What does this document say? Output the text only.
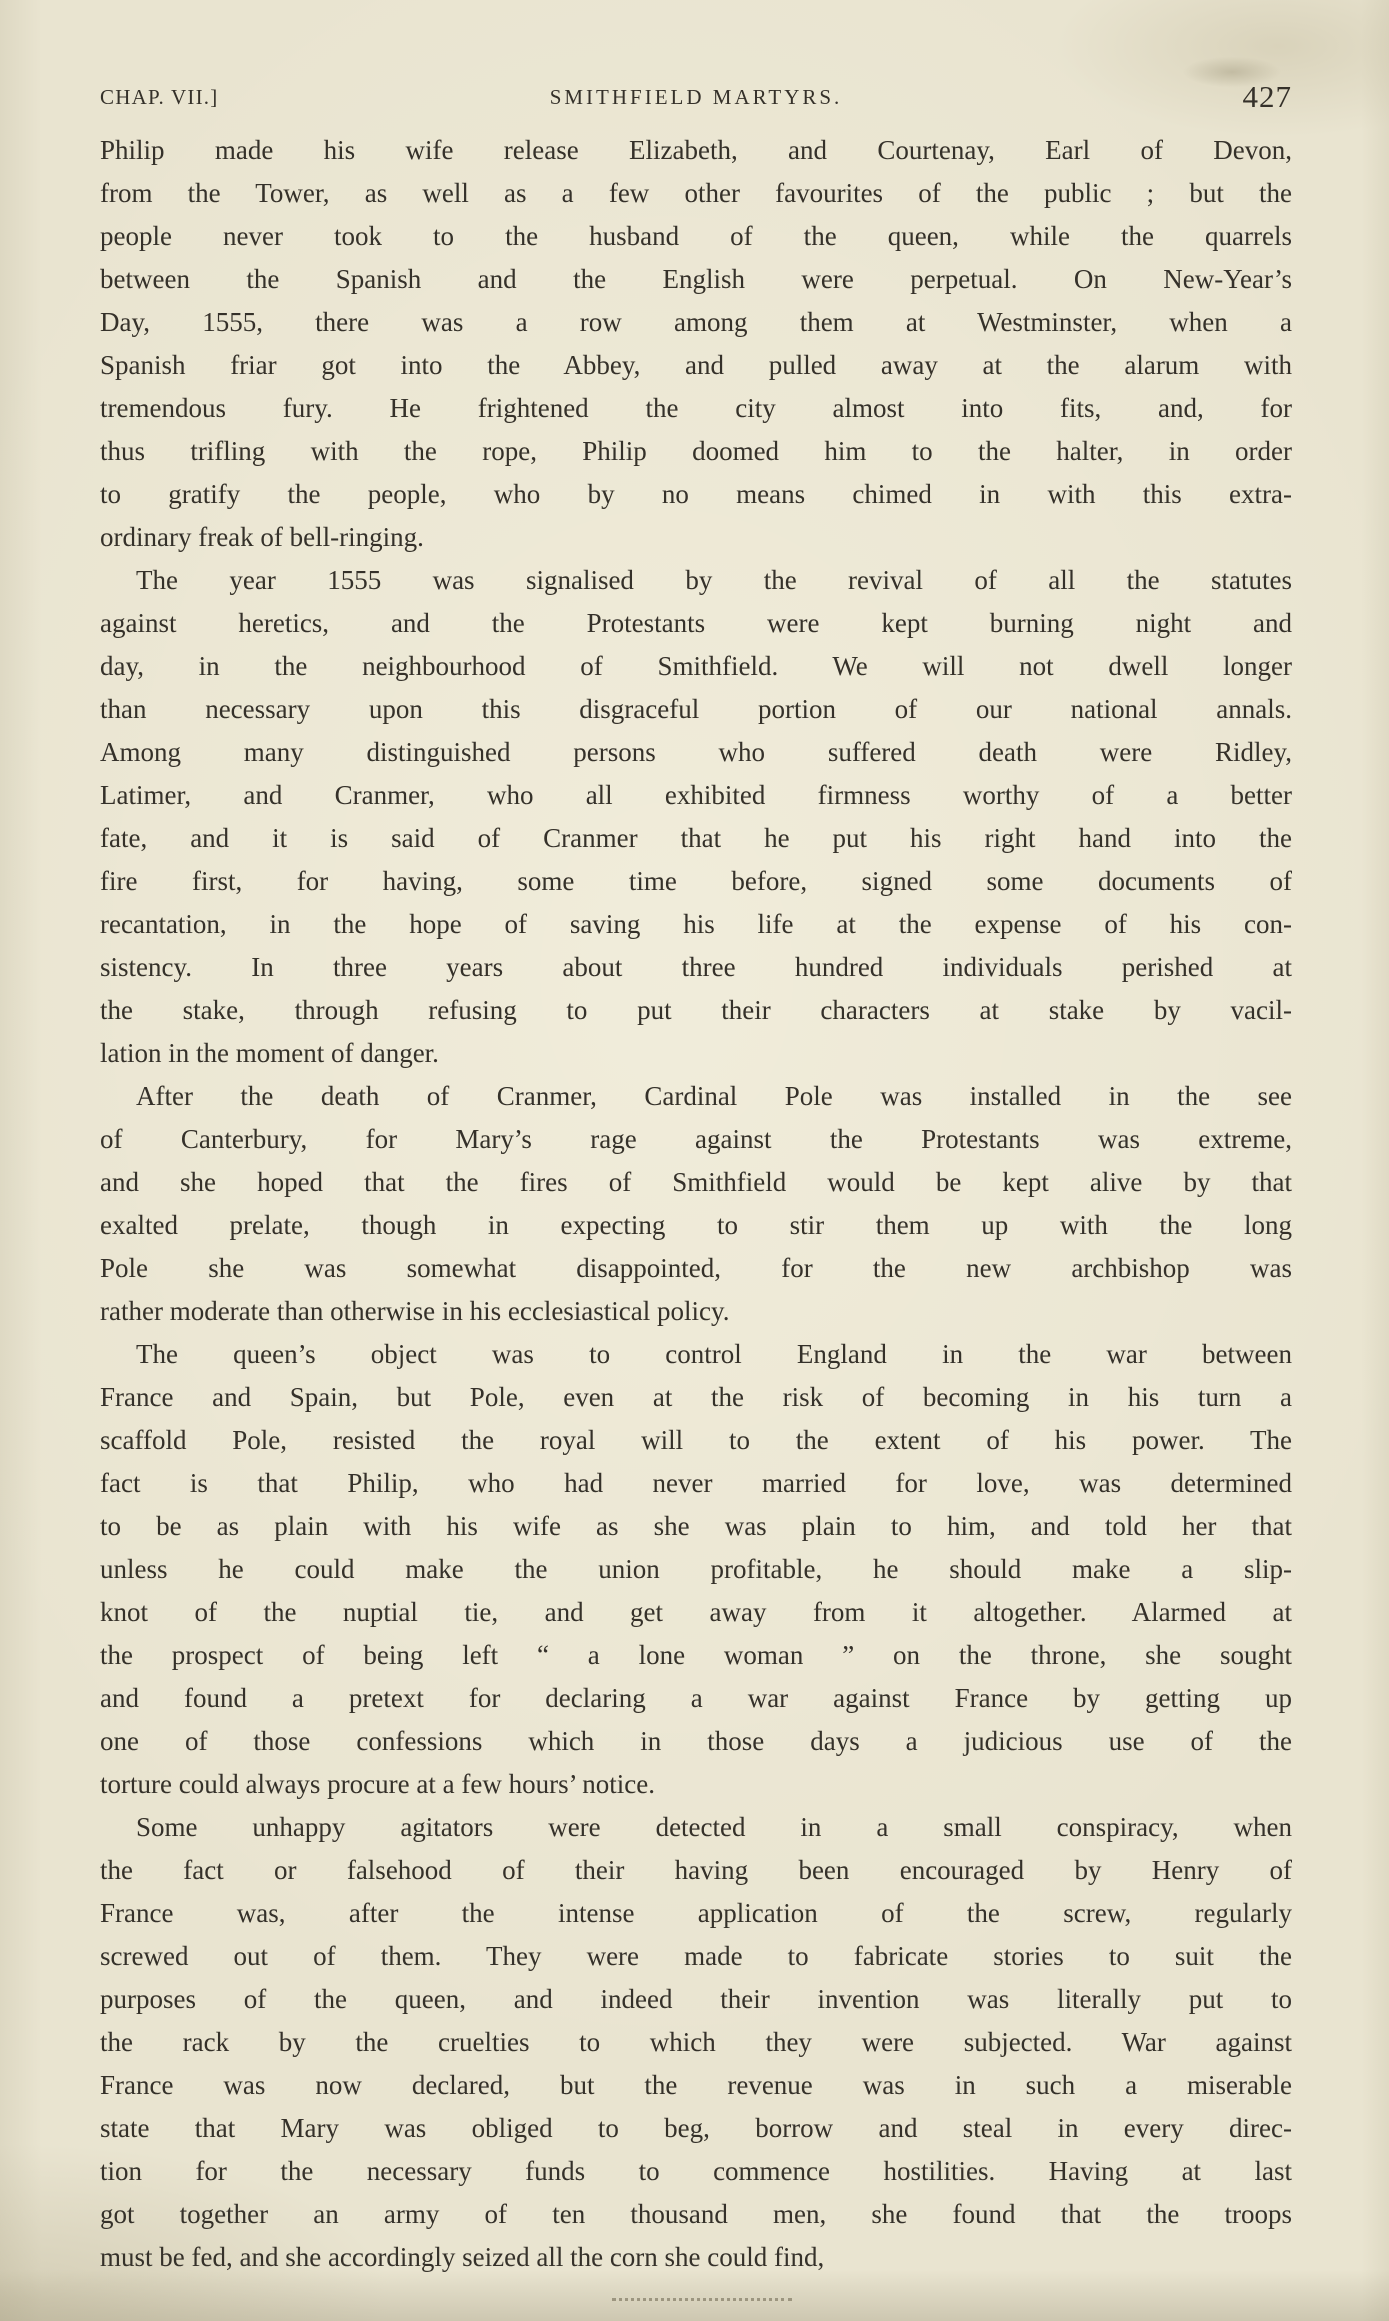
CHAP. VII.]	SMITHFIELD MARTYRS.	427
Philip made his wife release Elizabeth, and Courtenay, Earl of Devon,
from the Tower, as well as a few other favourites of the public ; but the
people never took to the husband of the queen, while the quarrels
between the Spanish and the English were perpetual. On New-Year’s
Day, 1555, there was a row among them at Westminster, when a
Spanish friar got into the Abbey, and pulled away at the alarum with
tremendous fury. He frightened the city almost into fits, and, for
thus trifling with the rope, Philip doomed him to the halter, in order
to gratify the people, who by no means chimed in with this extra-
ordinary freak of bell-ringing.
The year 1555 was signalised by the revival of all the statutes
against heretics, and the Protestants were kept burning night and
day, in the neighbourhood of Smithfield. We will not dwell longer
than necessary upon this disgraceful portion of our national annals.
Among many distinguished persons who suffered death were Ridley,
Latimer, and Cranmer, who all exhibited firmness worthy of a better
fate, and it is said of Cranmer that he put his right hand into the
fire first, for having, some time before, signed some documents of
recantation, in the hope of saving his life at the expense of his con-
sistency. In three years about three hundred individuals perished at
the stake, through refusing to put their characters at stake by vacil-
lation in the moment of danger.
After the death of Cranmer, Cardinal Pole was installed in the see
of Canterbury, for Mary’s rage against the Protestants was extreme,
and she hoped that the fires of Smithfield would be kept alive by that
exalted prelate, though in expecting to stir them up with the long
Pole she was somewhat disappointed, for the new archbishop was
rather moderate than otherwise in his ecclesiastical policy.
The queen’s object was to control England in the war between
France and Spain, but Pole, even at the risk of becoming in his turn a
scaffold Pole, resisted the royal will to the extent of his power. The
fact is that Philip, who had never married for love, was determined
to be as plain with his wife as she was plain to him, and told her that
unless he could make the union profitable, he should make a slip-
knot of the nuptial tie, and get away from it altogether. Alarmed at
the prospect of being left “ a lone woman ” on the throne, she sought
and found a pretext for declaring a war against France by getting up
one of those confessions which in those days a judicious use of the
torture could always procure at a few hours’ notice.
Some unhappy agitators were detected in a small conspiracy, when
the fact or falsehood of their having been encouraged by Henry of
France was, after the intense application of the screw, regularly
screwed out of them. They were made to fabricate stories to suit the
purposes of the queen, and indeed their invention was literally put to
the rack by the cruelties to which they were subjected. War against
France was now declared, but the revenue was in such a miserable
state that Mary was obliged to beg, borrow and steal in every direc-
tion for the necessary funds to commence hostilities. Having at last
got together an army of ten thousand men, she found that the troops
must be fed, and she accordingly seized all the corn she could find,
